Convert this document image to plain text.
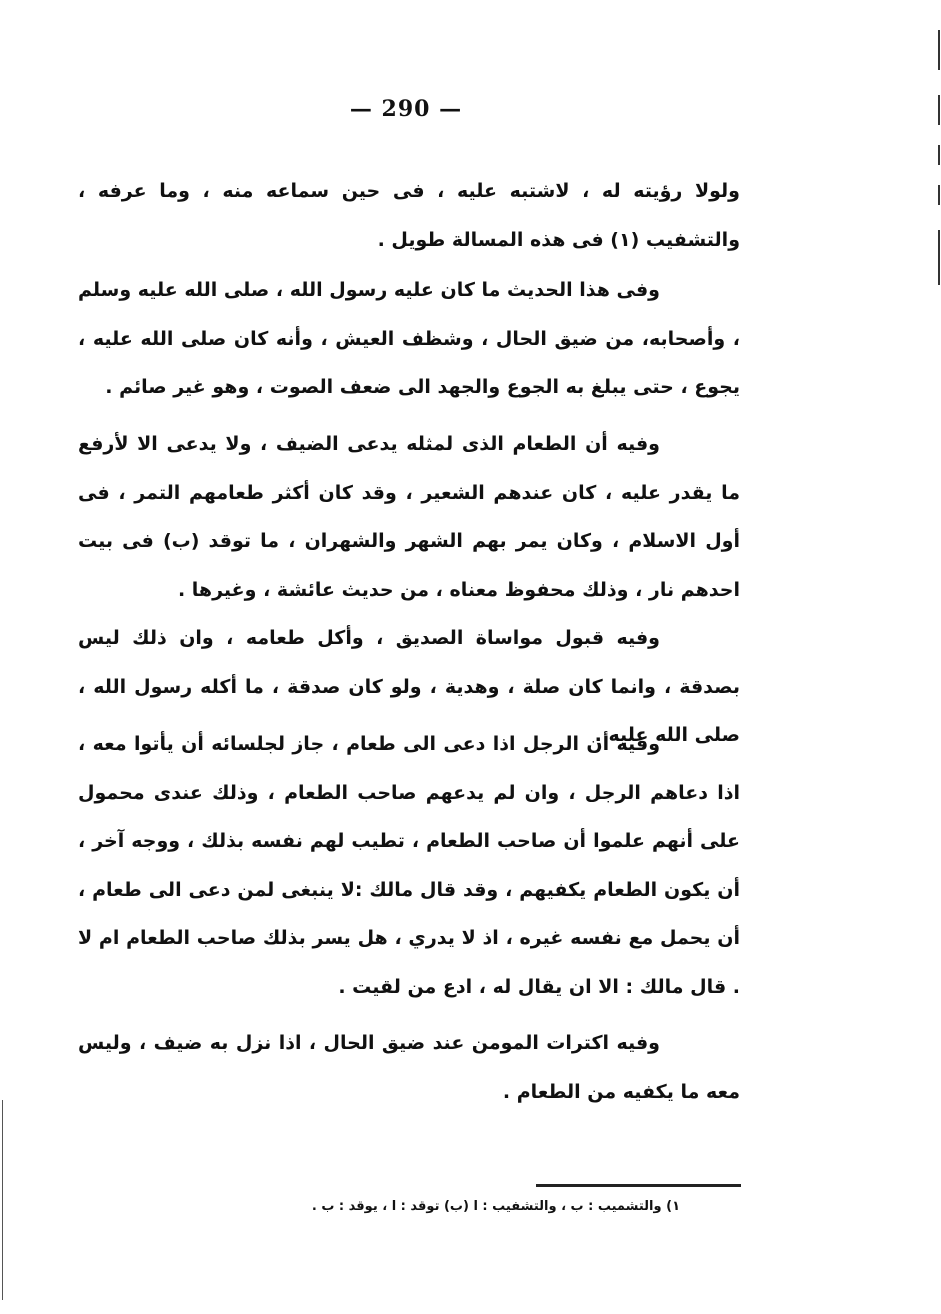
— 290 —

ولولا رؤيته له ، لاشتبه عليه ، فى حين سماعه منه ، وما عرفه ، والتشفيب (١) فى هذه المسالة طويل .

وفى هذا الحديث ما كان عليه رسول الله ، صلى الله عليه وسلم ، وأصحابه، من ضيق الحال ، وشظف العيش ، وأنه كان صلى الله عليه ، يجوع ، حتى يبلغ به الجوع والجهد الى ضعف الصوت ، وهو غير صائم .

وفيه أن الطعام الذى لمثله يدعى الضيف ، ولا يدعى الا لأرفع ما يقدر عليه ، كان عندهم الشعير ، وقد كان أكثر طعامهم التمر ، فى أول الاسلام ، وكان يمر بهم الشهر والشهران ، ما توقد (ب) فى بيت احدهم نار ، وذلك محفوظ معناه ، من حديث عائشة ، وغيرها .

وفيه قبول مواساة الصديق ، وأكل طعامه ، وان ذلك ليس بصدقة ، وانما كان صلة ، وهدية ، ولو كان صدقة ، ما أكله رسول الله ، صلى الله عليه .

وفيه أن الرجل اذا دعى الى طعام ، جاز لجلسائه أن يأتوا معه ، اذا دعاهم الرجل ، وان لم يدعهم صاحب الطعام ، وذلك عندى محمول على أنهم علموا أن صاحب الطعام ، تطيب لهم نفسه بذلك ، ووجه آخر ، أن يكون الطعام يكفيهم ، وقد قال مالك :لا ينبغى لمن دعى الى طعام ، أن يحمل مع نفسه غيره ، اذ لا يدري ، هل يسر بذلك صاحب الطعام ام لا . قال مالك : الا ان يقال له ، ادع من لقيت .

وفيه اكترات المومن عند ضيق الحال ، اذا نزل به ضيف ، وليس معه ما يكفيه من الطعام .

١) والتشميب : ب ، والتشفيب : ا (ب) توقد : ا ، يوقد : ب .
